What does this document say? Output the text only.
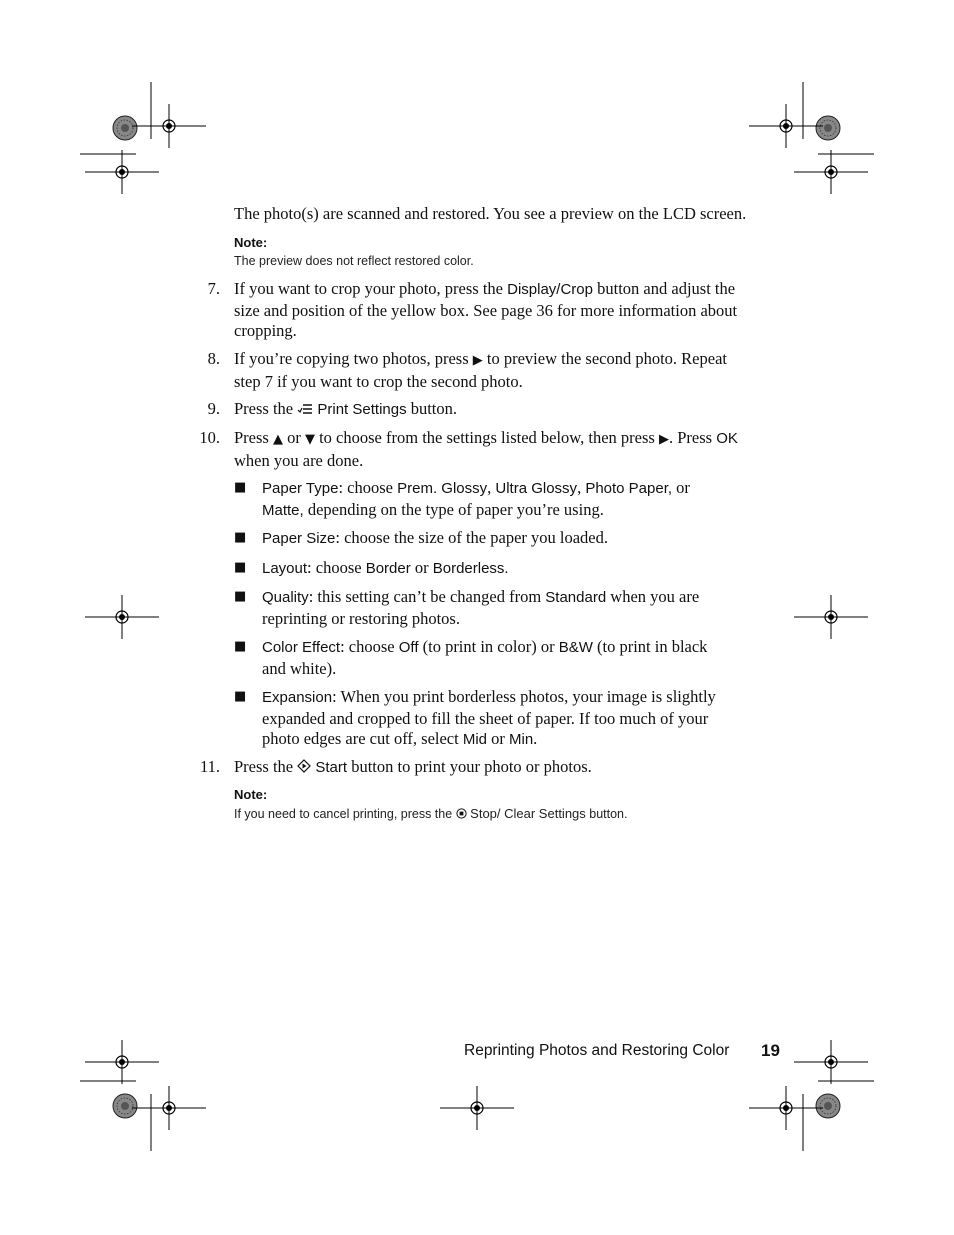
The photo(s) are scanned and restored. You see a preview on the LCD screen.
Note:
The preview does not reflect restored color.
7. If you want to crop your photo, press the Display/Crop button and adjust the size and position of the yellow box. See page 36 for more information about cropping.
8. If you’re copying two photos, press ▶ to preview the second photo. Repeat step 7 if you want to crop the second photo.
9. Press the  Print Settings button.
10. Press ▲ or ▼ to choose from the settings listed below, then press ▶. Press OK when you are done.
■ Paper Type: choose Prem. Glossy, Ultra Glossy, Photo Paper, or Matte, depending on the type of paper you’re using.
■ Paper Size: choose the size of the paper you loaded.
■ Layout: choose Border or Borderless.
■ Quality: this setting can’t be changed from Standard when you are reprinting or restoring photos.
■ Color Effect: choose Off (to print in color) or B&W (to print in black and white).
■ Expansion: When you print borderless photos, your image is slightly expanded and cropped to fill the sheet of paper. If too much of your photo edges are cut off, select Mid or Min.
11. Press the  Start button to print your photo or photos.
Note:
If you need to cancel printing, press the  Stop/ Clear Settings button.
Reprinting Photos and Restoring Color 19
